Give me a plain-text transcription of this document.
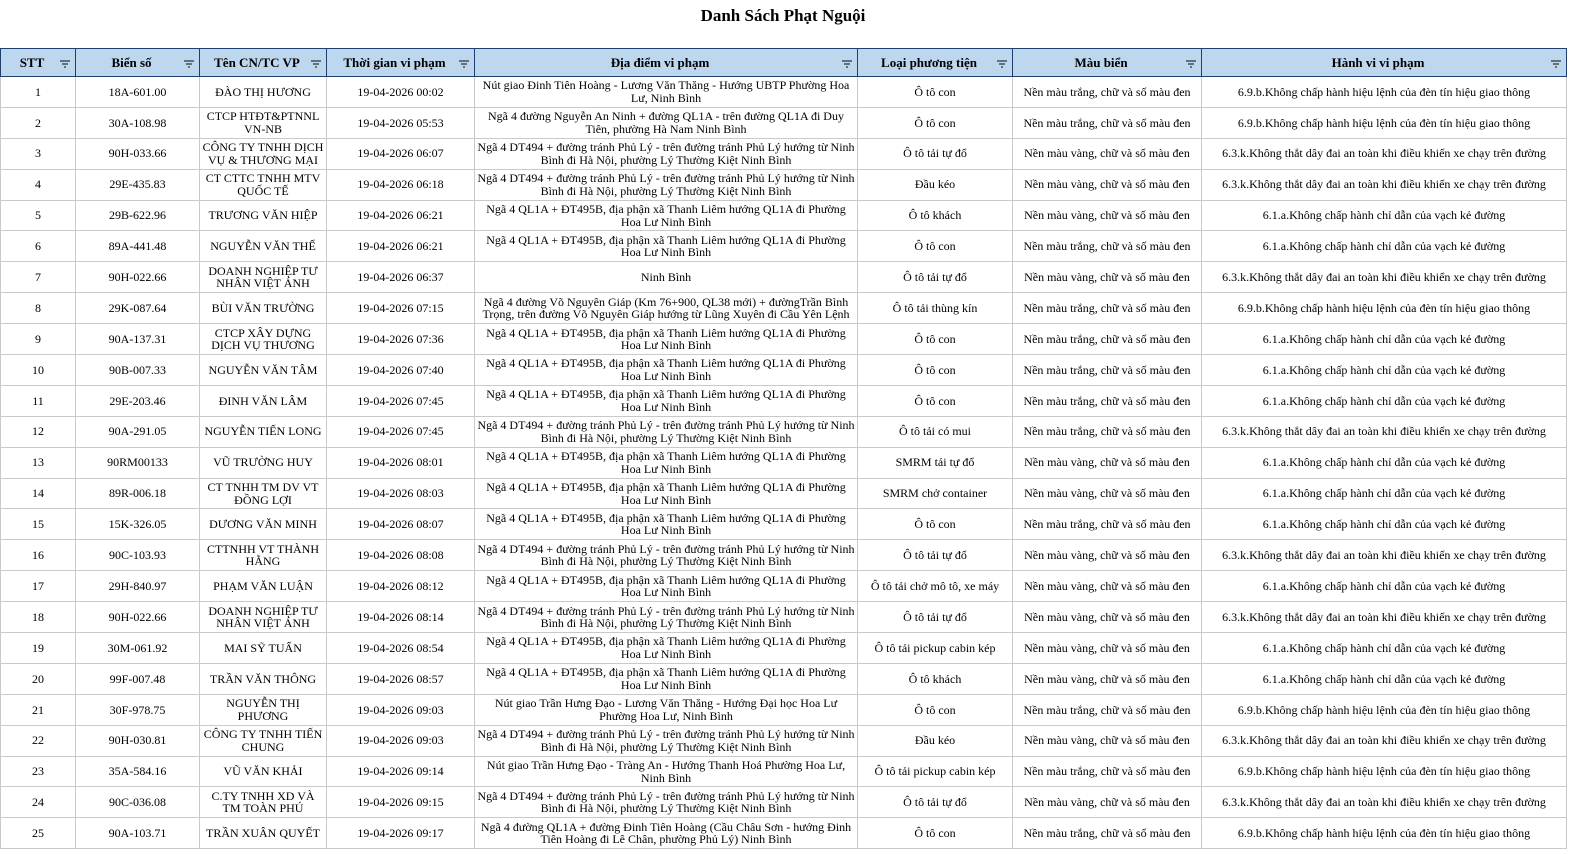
Danh Sách Phạt Nguội
STT	Biển số	Tên CN/TC VP	Thời gian vi phạm	Địa điểm vi phạm	Loại phương tiện	Màu biển	Hành vi vi phạm

1	18A-601.00	ĐÀO THỊ HƯƠNG	19-04-2026 00:02	Nút giao Đinh Tiên Hoàng - Lương Văn Thăng - Hướng UBTP Phường Hoa Lư, Ninh Bình	Ô tô con	Nền màu trắng, chữ và số màu đen	6.9.b.Không chấp hành hiệu lệnh của đèn tín hiệu giao thông
2	30A-108.98	CTCP HTĐT&PTNNL VN-NB	19-04-2026 05:53	Ngã 4 đường Nguyễn An Ninh + đường QL1A - trên đường QL1A đi Duy Tiên, phường Hà Nam Ninh Bình	Ô tô con	Nền màu trắng, chữ và số màu đen	6.9.b.Không chấp hành hiệu lệnh của đèn tín hiệu giao thông
3	90H-033.66	CÔNG TY TNHH DỊCH VỤ & THƯƠNG MẠI	19-04-2026 06:07	Ngã 4 DT494 + đường tránh Phủ Lý - trên đường tránh Phủ Lý hướng từ Ninh Bình đi Hà Nội, phường Lý Thường Kiệt Ninh Bình	Ô tô tải tự đổ	Nền màu vàng, chữ và số màu đen	6.3.k.Không thắt dây đai an toàn khi điều khiển xe chạy trên đường
4	29E-435.83	CT CTTC TNHH MTV QUỐC TẾ	19-04-2026 06:18	Ngã 4 DT494 + đường tránh Phủ Lý - trên đường tránh Phủ Lý hướng từ Ninh Bình đi Hà Nội, phường Lý Thường Kiệt Ninh Bình	Đầu kéo	Nền màu vàng, chữ và số màu đen	6.3.k.Không thắt dây đai an toàn khi điều khiển xe chạy trên đường
5	29B-622.96	TRƯƠNG VĂN HIỆP	19-04-2026 06:21	Ngã 4 QL1A + ĐT495B, địa phận xã Thanh Liêm hướng QL1A đi Phường Hoa Lư Ninh Bình	Ô tô khách	Nền màu vàng, chữ và số màu đen	6.1.a.Không chấp hành chỉ dẫn của vạch kẻ đường
6	89A-441.48	NGUYỄN VĂN THỂ	19-04-2026 06:21	Ngã 4 QL1A + ĐT495B, địa phận xã Thanh Liêm hướng QL1A đi Phường Hoa Lư Ninh Bình	Ô tô con	Nền màu trắng, chữ và số màu đen	6.1.a.Không chấp hành chỉ dẫn của vạch kẻ đường
7	90H-022.66	DOANH NGHIỆP TƯ NHÂN VIỆT ÁNH	19-04-2026 06:37	Ninh Bình	Ô tô tải tự đổ	Nền màu vàng, chữ và số màu đen	6.3.k.Không thắt dây đai an toàn khi điều khiển xe chạy trên đường
8	29K-087.64	BÙI VĂN TRƯỜNG	19-04-2026 07:15	Ngã 4 đường Võ Nguyên Giáp (Km 76+900, QL38 mới) + đườngTrần Bình Trọng, trên đường Võ Nguyên Giáp hướng từ Lũng Xuyên đi Cầu Yên Lệnh	Ô tô tải thùng kín	Nền màu trắng, chữ và số màu đen	6.9.b.Không chấp hành hiệu lệnh của đèn tín hiệu giao thông
9	90A-137.31	CTCP XÂY DỰNG DỊCH VỤ THƯƠNG	19-04-2026 07:36	Ngã 4 QL1A + ĐT495B, địa phận xã Thanh Liêm hướng QL1A đi Phường Hoa Lư Ninh Bình	Ô tô con	Nền màu trắng, chữ và số màu đen	6.1.a.Không chấp hành chỉ dẫn của vạch kẻ đường
10	90B-007.33	NGUYỄN VĂN TÂM	19-04-2026 07:40	Ngã 4 QL1A + ĐT495B, địa phận xã Thanh Liêm hướng QL1A đi Phường Hoa Lư Ninh Bình	Ô tô con	Nền màu trắng, chữ và số màu đen	6.1.a.Không chấp hành chỉ dẫn của vạch kẻ đường
11	29E-203.46	ĐINH VĂN LÂM	19-04-2026 07:45	Ngã 4 QL1A + ĐT495B, địa phận xã Thanh Liêm hướng QL1A đi Phường Hoa Lư Ninh Bình	Ô tô con	Nền màu trắng, chữ và số màu đen	6.1.a.Không chấp hành chỉ dẫn của vạch kẻ đường
12	90A-291.05	NGUYỄN TIẾN LONG	19-04-2026 07:45	Ngã 4 DT494 + đường tránh Phủ Lý - trên đường tránh Phủ Lý hướng từ Ninh Bình đi Hà Nội, phường Lý Thường Kiệt Ninh Bình	Ô tô tải có mui	Nền màu trắng, chữ và số màu đen	6.3.k.Không thắt dây đai an toàn khi điều khiển xe chạy trên đường
13	90RM00133	VŨ TRƯỜNG HUY	19-04-2026 08:01	Ngã 4 QL1A + ĐT495B, địa phận xã Thanh Liêm hướng QL1A đi Phường Hoa Lư Ninh Bình	SMRM tải tự đổ	Nền màu vàng, chữ và số màu đen	6.1.a.Không chấp hành chỉ dẫn của vạch kẻ đường
14	89R-006.18	CT TNHH TM DV VT ĐỒNG LỢI	19-04-2026 08:03	Ngã 4 QL1A + ĐT495B, địa phận xã Thanh Liêm hướng QL1A đi Phường Hoa Lư Ninh Bình	SMRM chở container	Nền màu vàng, chữ và số màu đen	6.1.a.Không chấp hành chỉ dẫn của vạch kẻ đường
15	15K-326.05	DƯƠNG VĂN MINH	19-04-2026 08:07	Ngã 4 QL1A + ĐT495B, địa phận xã Thanh Liêm hướng QL1A đi Phường Hoa Lư Ninh Bình	Ô tô con	Nền màu trắng, chữ và số màu đen	6.1.a.Không chấp hành chỉ dẫn của vạch kẻ đường
16	90C-103.93	CTTNHH VT THÀNH HẰNG	19-04-2026 08:08	Ngã 4 DT494 + đường tránh Phủ Lý - trên đường tránh Phủ Lý hướng từ Ninh Bình đi Hà Nội, phường Lý Thường Kiệt Ninh Bình	Ô tô tải tự đổ	Nền màu vàng, chữ và số màu đen	6.3.k.Không thắt dây đai an toàn khi điều khiển xe chạy trên đường
17	29H-840.97	PHẠM VĂN LUẬN	19-04-2026 08:12	Ngã 4 QL1A + ĐT495B, địa phận xã Thanh Liêm hướng QL1A đi Phường Hoa Lư Ninh Bình	Ô tô tải chở mô tô, xe máy	Nền màu vàng, chữ và số màu đen	6.1.a.Không chấp hành chỉ dẫn của vạch kẻ đường
18	90H-022.66	DOANH NGHIỆP TƯ NHÂN VIỆT ÁNH	19-04-2026 08:14	Ngã 4 DT494 + đường tránh Phủ Lý - trên đường tránh Phủ Lý hướng từ Ninh Bình đi Hà Nội, phường Lý Thường Kiệt Ninh Bình	Ô tô tải tự đổ	Nền màu vàng, chữ và số màu đen	6.3.k.Không thắt dây đai an toàn khi điều khiển xe chạy trên đường
19	30M-061.92	MAI SỸ TUẤN	19-04-2026 08:54	Ngã 4 QL1A + ĐT495B, địa phận xã Thanh Liêm hướng QL1A đi Phường Hoa Lư Ninh Bình	Ô tô tải pickup cabin kép	Nền màu vàng, chữ và số màu đen	6.1.a.Không chấp hành chỉ dẫn của vạch kẻ đường
20	99F-007.48	TRẦN VĂN THÔNG	19-04-2026 08:57	Ngã 4 QL1A + ĐT495B, địa phận xã Thanh Liêm hướng QL1A đi Phường Hoa Lư Ninh Bình	Ô tô khách	Nền màu vàng, chữ và số màu đen	6.1.a.Không chấp hành chỉ dẫn của vạch kẻ đường
21	30F-978.75	NGUYỄN THỊ PHƯƠNG	19-04-2026 09:03	Nút giao Trần Hưng Đạo - Lương Văn Thăng - Hướng Đại học Hoa Lư Phường Hoa Lư, Ninh Bình	Ô tô con	Nền màu trắng, chữ và số màu đen	6.9.b.Không chấp hành hiệu lệnh của đèn tín hiệu giao thông
22	90H-030.81	CÔNG TY TNHH TIẾN CHUNG	19-04-2026 09:03	Ngã 4 DT494 + đường tránh Phủ Lý - trên đường tránh Phủ Lý hướng từ Ninh Bình đi Hà Nội, phường Lý Thường Kiệt Ninh Bình	Đầu kéo	Nền màu vàng, chữ và số màu đen	6.3.k.Không thắt dây đai an toàn khi điều khiển xe chạy trên đường
23	35A-584.16	VŨ VĂN KHẢI	19-04-2026 09:14	Nút giao Trần Hưng Đạo - Tràng An - Hướng Thanh Hoá Phường Hoa Lư, Ninh Bình	Ô tô tải pickup cabin kép	Nền màu trắng, chữ và số màu đen	6.9.b.Không chấp hành hiệu lệnh của đèn tín hiệu giao thông
24	90C-036.08	C.TY TNHH XD VÀ TM TOÀN PHÚ	19-04-2026 09:15	Ngã 4 DT494 + đường tránh Phủ Lý - trên đường tránh Phủ Lý hướng từ Ninh Bình đi Hà Nội, phường Lý Thường Kiệt Ninh Bình	Ô tô tải tự đổ	Nền màu vàng, chữ và số màu đen	6.3.k.Không thắt dây đai an toàn khi điều khiển xe chạy trên đường
25	90A-103.71	TRẦN XUÂN QUYẾT	19-04-2026 09:17	Ngã 4 đường QL1A + đường Đinh Tiên Hoàng (Cầu Châu Sơn - hướng Đinh Tiên Hoàng đi Lê Chân, phường Phủ Lý) Ninh Bình	Ô tô con	Nền màu trắng, chữ và số màu đen	6.9.b.Không chấp hành hiệu lệnh của đèn tín hiệu giao thông
